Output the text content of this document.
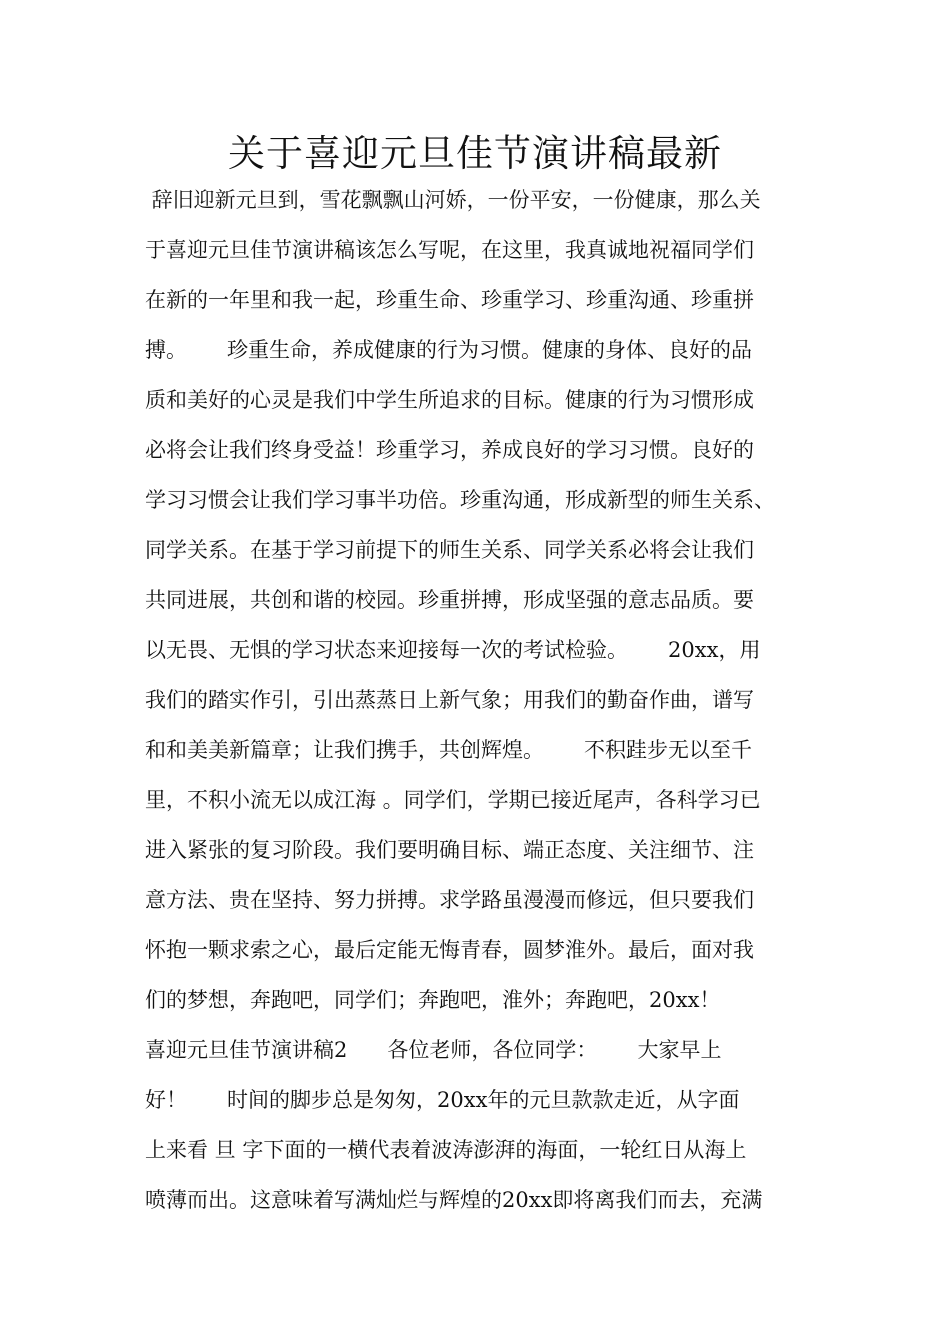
关于喜迎元旦佳节演讲稿最新
辞旧迎新元旦到，雪花飘飘山河娇，一份平安，一份健康，那么关
于喜迎元旦佳节演讲稿该怎么写呢，在这里，我真诚地祝福同学们
在新的一年里和我一起，珍重生命、珍重学习、珍重沟通、珍重拼
搏。      珍重生命，养成健康的行为习惯。健康的身体、良好的品
质和美好的心灵是我们中学生所追求的目标。健康的行为习惯形成
必将会让我们终身受益！珍重学习，养成良好的学习习惯。良好的
学习习惯会让我们学习事半功倍。珍重沟通，形成新型的师生关系、
同学关系。在基于学习前提下的师生关系、同学关系必将会让我们
共同进展，共创和谐的校园。珍重拼搏，形成坚强的意志品质。要
以无畏、无惧的学习状态来迎接每一次的考试检验。      20xx，用
我们的踏实作引，引出蒸蒸日上新气象；用我们的勤奋作曲，谱写
和和美美新篇章；让我们携手，共创辉煌。      不积跬步无以至千
里，不积小流无以成江海 。同学们，学期已接近尾声，各科学习已
进入紧张的复习阶段。我们要明确目标、端正态度、关注细节、注
意方法、贵在坚持、努力拼搏。求学路虽漫漫而修远，但只要我们
怀抱一颗求索之心，最后定能无悔青春，圆梦淮外。最后，面对我
们的梦想，奔跑吧，同学们；奔跑吧，淮外；奔跑吧，20xx！
喜迎元旦佳节演讲稿2      各位老师，各位同学：      大家早上
好！      时间的脚步总是匆匆，20xx年的元旦款款走近，从字面
上来看 旦 字下面的一横代表着波涛澎湃的海面，一轮红日从海上
喷薄而出。这意味着写满灿烂与辉煌的20xx即将离我们而去，充满
